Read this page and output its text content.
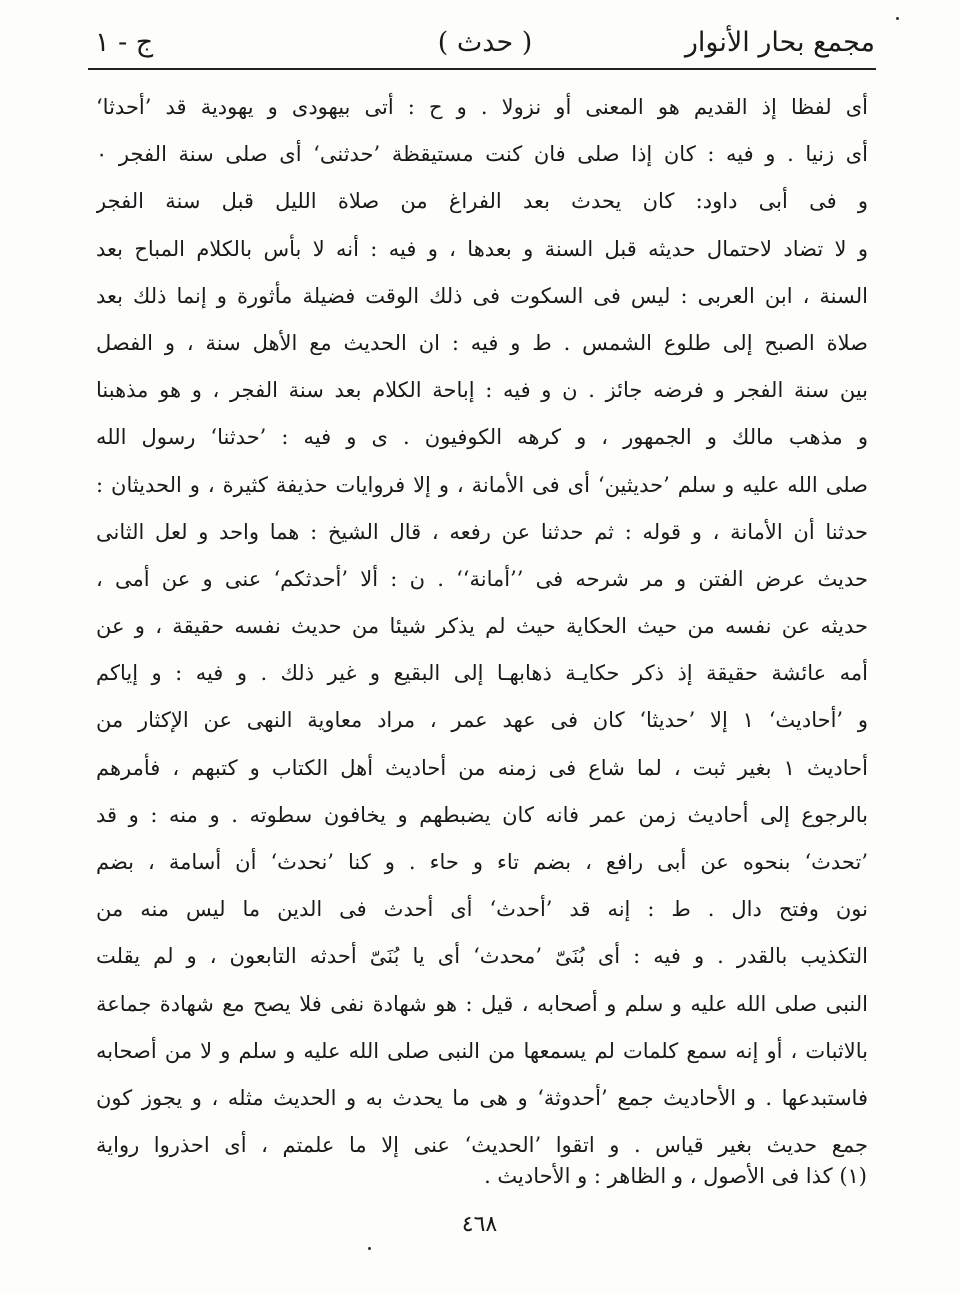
مجمع بحار الأنوار
( حدث )
ج - ١
أى لفظا إذ القديم هو المعنى أو نزولا . و ح : أتى بيهودى و يهودية قد ’أحدثا‘
أى زنيا . و فيه : كان إذا صلى فان كنت مستيقظة ’حدثنى‘ أى صلى سنة الفجر ٠
و فى أبى داود: كان يحدث بعد الفراغ من صلاة الليل قبل سنة الفجر
و لا تضاد لاحتمال حديثه قبل السنة و بعدها ، و فيه : أنه لا بأس بالكلام المباح بعد
السنة ، ابن العربى : ليس فى السكوت فى ذلك الوقت فضيلة مأثورة و إنما ذلك بعد
صلاة الصبح إلى طلوع الشمس . ط و فيه : ان الحديث مع الأهل سنة ، و الفصل
بين سنة الفجر و فرضه جائز . ن و فيه : إباحة الكلام بعد سنة الفجر ، و هو مذهبنا
و مذهب مالك و الجمهور ، و كرهه الكوفيون . ى و فيه : ’حدثنا‘ رسول الله
صلى الله عليه و سلم ’حديثين‘ أى فى الأمانة ، و إلا فروايات حذيفة كثيرة ، و الحديثان :
حدثنا أن الأمانة ، و قوله : ثم حدثنا عن رفعه ، قال الشيخ : هما واحد و لعل الثانى
حديث عرض الفتن و مر شرحه فى ’’أمانة‘‘ . ن : ألا ’أحدثكم‘ عنى و عن أمى ،
حديثه عن نفسه من حيث الحكاية حيث لم يذكر شيئا من حديث نفسه حقيقة ، و عن
أمه عائشة حقيقة إذ ذكر حكايـة ذهابهـا إلى البقيع و غير ذلك . و فيه : و إياكم
و ’أحاديث‘ ١ إلا ’حديثا‘ كان فى عهد عمر ، مراد معاوية النهى عن الإكثار من
أحاديث ١ بغير ثبت ، لما شاع فى زمنه من أحاديث أهل الكتاب و كتبهم ، فأمرهم
بالرجوع إلى أحاديث زمن عمر فانه كان يضبطهم و يخافون سطوته . و منه : و قد
’تحدث‘ بنحوه عن أبى رافع ، بضم تاء و حاء . و كنا ’نحدث‘ أن أسامة ، بضم
نون وفتح دال . ط : إنه قد ’أحدث‘ أى أحدث فى الدين ما ليس منه من
التكذيب بالقدر . و فيه : أى بُنَىّ ’محدث‘ أى يا بُنَىّ أحدثه التابعون ، و لم يقلت
النبى صلى الله عليه و سلم و أصحابه ، قيل : هو شهادة نفى فلا يصح مع شهادة جماعة
بالاثبات ، أو إنه سمع كلمات لم يسمعها من النبى صلى الله عليه و سلم و لا من أصحابه
فاستبدعها . و الأحاديث جمع ’أحدوثة‘ و هى ما يحدث به و الحديث مثله ، و يجوز كون
جمع حديث بغير قياس . و اتقوا ’الحديث‘ عنى إلا ما علمتم ، أى احذروا رواية
(١) كذا فى الأصول ، و الظاهر : و الأحاديث .
٤٦٨
